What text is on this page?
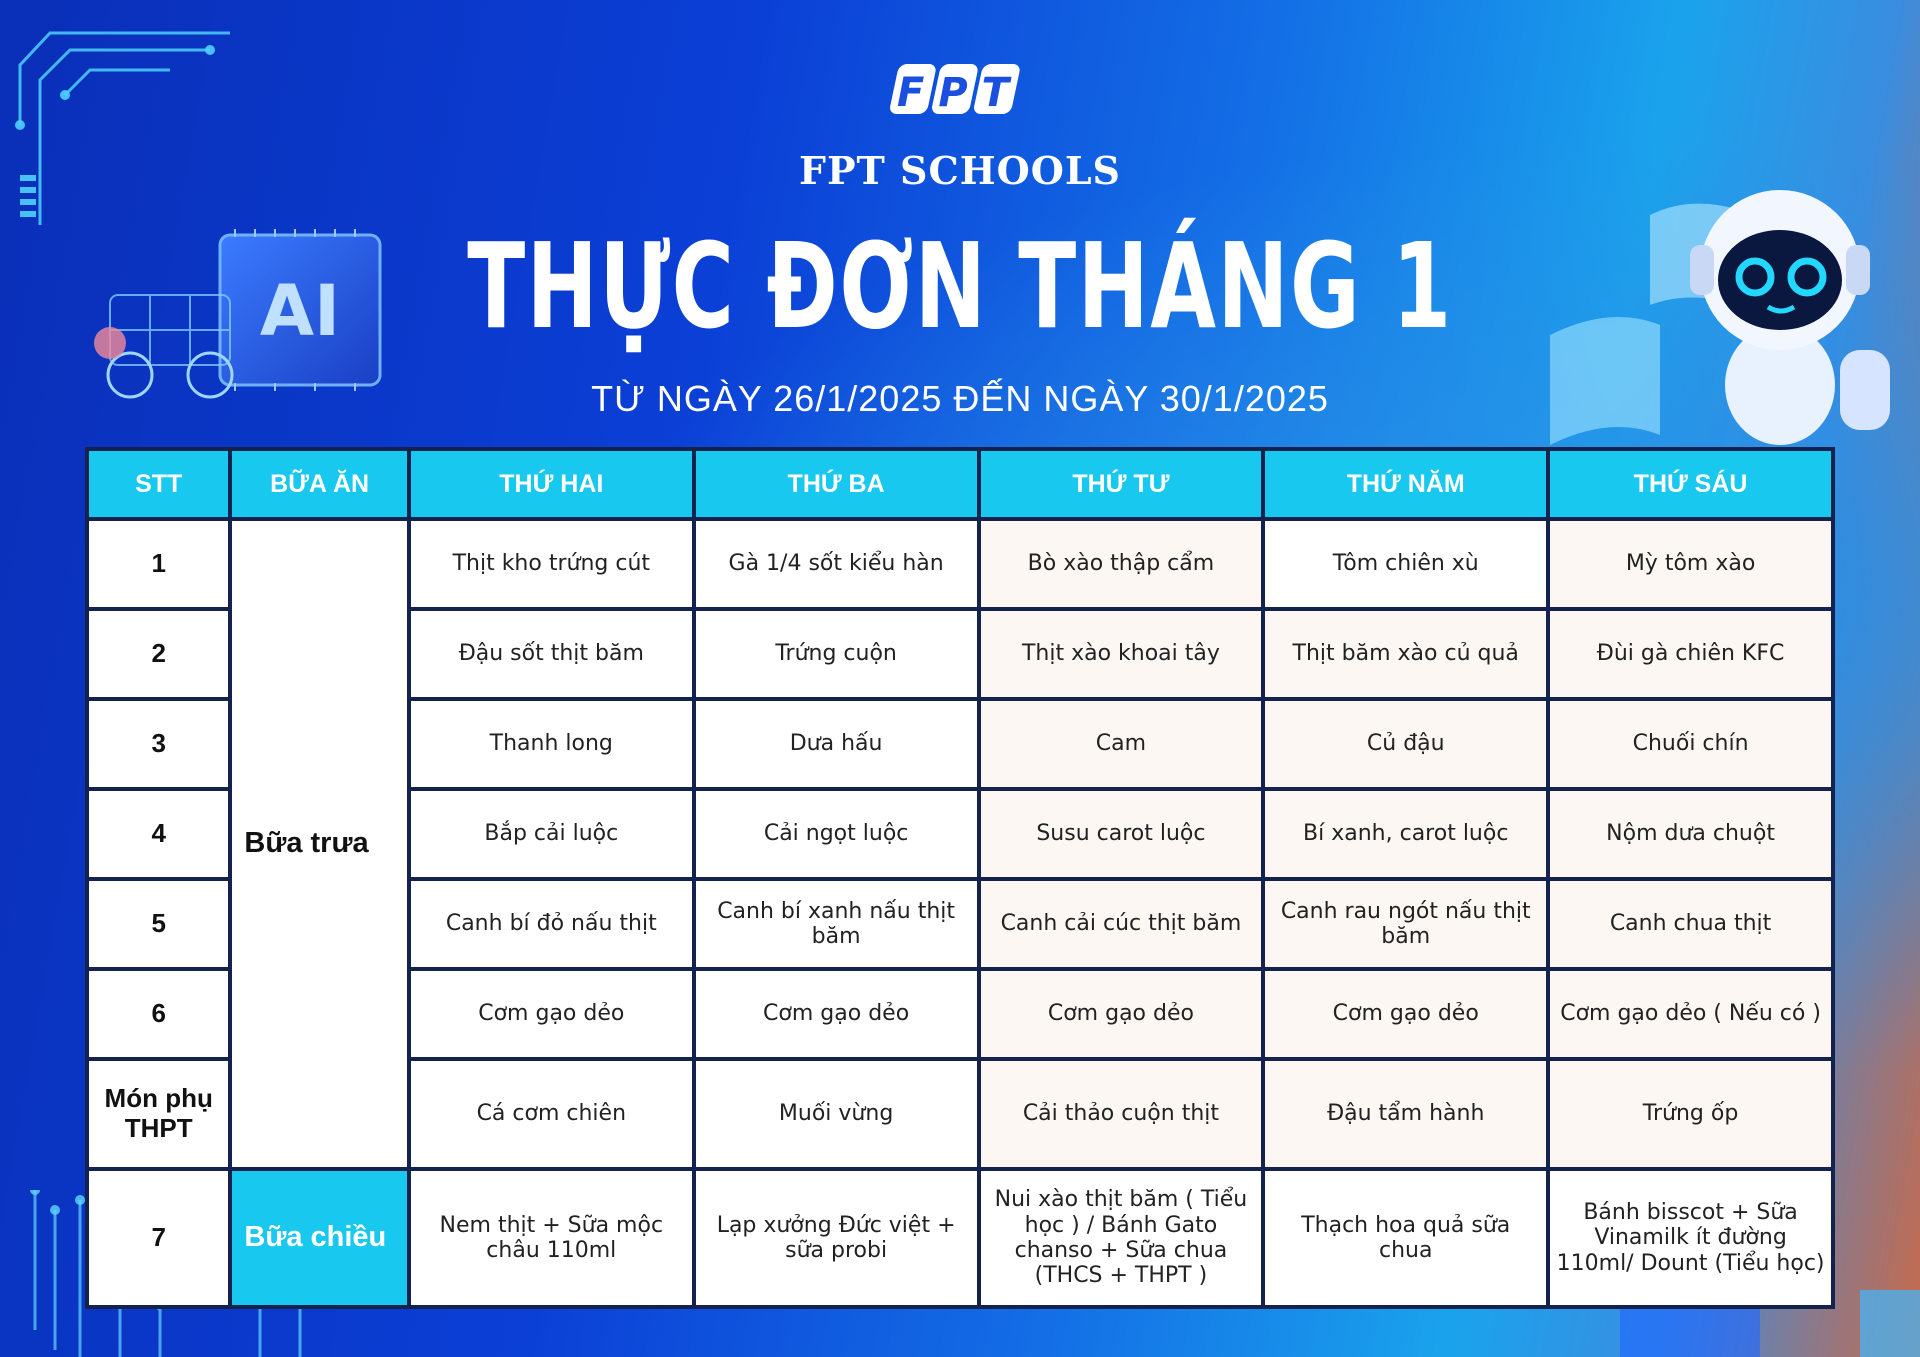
AI
FPT
FPT SCHOOLS
THỰC ĐƠN THÁNG 1
TỪ NGÀY 26/1/2025 ĐẾN NGÀY 30/1/2025
STT	BỮA ĂN	THỨ HAI	THỨ BA	THỨ TƯ	THỨ NĂM	THỨ SÁU
1	Bữa trưa	Thịt kho trứng cút	Gà 1/4 sốt kiểu hàn	Bò xào thập cẩm	Tôm chiên xù	Mỳ tôm xào
2		Đậu sốt thịt băm	Trứng cuộn	Thịt xào khoai tây	Thịt băm xào củ quả	Đùi gà chiên KFC
3		Thanh long	Dưa hấu	Cam	Củ đậu	Chuối chín
4		Bắp cải luộc	Cải ngọt luộc	Susu carot luộc	Bí xanh, carot luộc	Nộm dưa chuột
5		Canh bí đỏ nấu thịt	Canh bí xanh nấu thịt băm	Canh cải cúc thịt băm	Canh rau ngót nấu thịt băm	Canh chua thịt
6		Cơm gạo dẻo	Cơm gạo dẻo	Cơm gạo dẻo	Cơm gạo dẻo	Cơm gạo dẻo ( Nếu có )
Món phụ THPT		Cá cơm chiên	Muối vừng	Cải thảo cuộn thịt	Đậu tẩm hành	Trứng ốp
7	Bữa chiều	Nem thịt + Sữa mộc châu 110ml	Lạp xưởng Đức việt + sữa probi	Nui xào thịt băm ( Tiểu học ) / Bánh Gato chanso + Sữa chua (THCS + THPT )	Thạch hoa quả sữa chua	Bánh bisscot + Sữa Vinamilk ít đường 110ml/ Dount (Tiểu học)
